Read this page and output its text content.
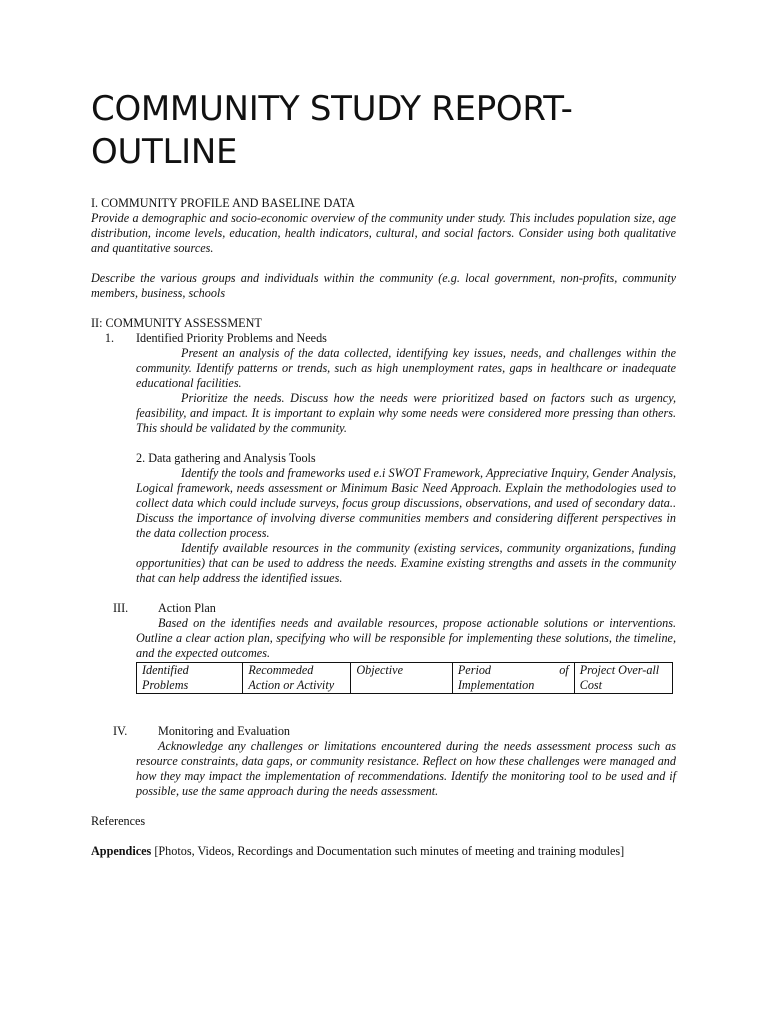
COMMUNITY STUDY REPORT-OUTLINE

I. COMMUNITY PROFILE AND BASELINE DATA

Provide a demographic and socio-economic overview of the community under study. This includes population size, age distribution, income levels, education, health indicators, cultural, and social factors. Consider using both qualitative and quantitative sources.

Describe the various groups and individuals within the community (e.g. local government, non-profits, community members, business, schools

II: COMMUNITY ASSESSMENT

1.	Identified Priority Problems and Needs

Present an analysis of the data collected, identifying key issues, needs, and challenges within the community. Identify patterns or trends, such as high unemployment rates, gaps in healthcare or inadequate educational facilities.

Prioritize the needs. Discuss how the needs were prioritized based on factors such as urgency, feasibility, and impact. It is important to explain why some needs were considered more pressing than others. This should be validated by the community.

2. Data gathering and Analysis Tools

Identify the tools and frameworks used e.i SWOT Framework, Appreciative Inquiry, Gender Analysis, Logical framework, needs assessment or Minimum Basic Need Approach. Explain the methodologies used to collect data which could include surveys, focus group discussions, observations, and used of secondary data.. Discuss the importance of involving diverse communities members and considering different perspectives in the data collection process.

Identify available resources in the community (existing services, community organizations, funding opportunities) that can be used to address the needs. Examine existing strengths and assets in the community that can help address the identified issues.

III.	Action Plan

Based on the identifies needs and available resources, propose actionable solutions or interventions. Outline a clear action plan, specifying who will be responsible for implementing these solutions, the timeline, and the expected outcomes.

Identified Problems	Recommeded Action or Activity	Objective	Period of Implementation	Project Over-all Cost
IV.	Monitoring and Evaluation

Acknowledge any challenges or limitations encountered during the needs assessment process such as resource constraints, data gaps, or community resistance. Reflect on how these challenges were managed and how they may impact the implementation of recommendations. Identify the monitoring tool to be used and if possible, use the same approach during the needs assessment.

References

Appendices [Photos, Videos, Recordings and Documentation such minutes of meeting and training modules]
